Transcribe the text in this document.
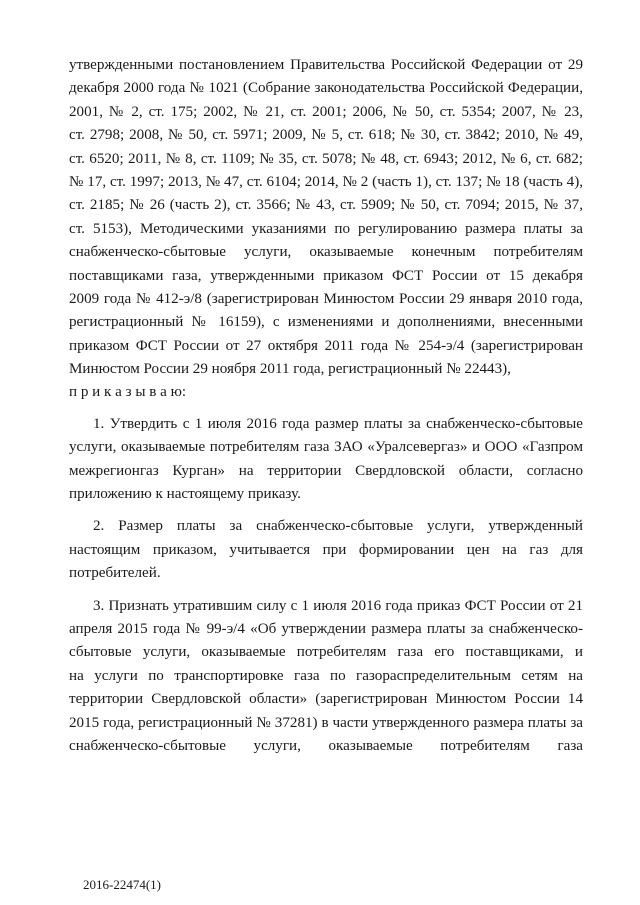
утвержденными постановлением Правительства Российской Федерации от 29
декабря 2000 года № 1021 (Собрание законодательства Российской Федерации,
2001, № 2, ст. 175; 2002, № 21, ст. 2001; 2006, № 50, ст. 5354; 2007, № 23,
ст. 2798; 2008, № 50, ст. 5971; 2009, № 5, ст. 618; № 30, ст. 3842; 2010, № 49,
ст. 6520; 2011, № 8, ст. 1109; № 35, ст. 5078; № 48, ст. 6943; 2012, № 6, ст. 682;
№ 17, ст. 1997; 2013, № 47, ст. 6104; 2014, № 2 (часть 1), ст. 137; № 18 (часть 4),
ст. 2185; № 26 (часть 2), ст. 3566; № 43, ст. 5909; № 50, ст. 7094; 2015, № 37,
ст. 5153), Методическими указаниями по регулированию размера платы за
снабженческо-сбытовые услуги, оказываемые конечным потребителям
поставщиками газа, утвержденными приказом ФСТ России от 15 декабря
2009 года № 412-э/8 (зарегистрирован Минюстом России 29 января 2010 года,
регистрационный № 16159), с изменениями и дополнениями, внесенными
приказом ФСТ России от 27 октября 2011 года № 254-э/4 (зарегистрирован
Минюстом России 29 ноября 2011 года, регистрационный № 22443),
п р и к а з ы в а ю:
1. Утвердить с 1 июля 2016 года размер платы за снабженческо-сбытовые
услуги, оказываемые потребителям газа ЗАО «Уралсевергаз» и ООО «Газпром
межрегионгаз Курган» на территории Свердловской области, согласно
приложению к настоящему приказу.
2. Размер платы за снабженческо-сбытовые услуги, утвержденный
настоящим приказом, учитывается при формировании цен на газ для
потребителей.
3. Признать утратившим силу с 1 июля 2016 года приказ ФСТ России от 21
апреля 2015 года № 99-э/4 «Об утверждении размера платы за снабженческо-
сбытовые услуги, оказываемые потребителям газа его поставщиками, и
на услуги по транспортировке газа по газораспределительным сетям на
территории Свердловской области» (зарегистрирован Минюстом России 14
2015 года, регистрационный № 37281) в части утвержденного размера платы за
снабженческо-сбытовые услуги, оказываемые потребителям газа
2016-22474(1)
